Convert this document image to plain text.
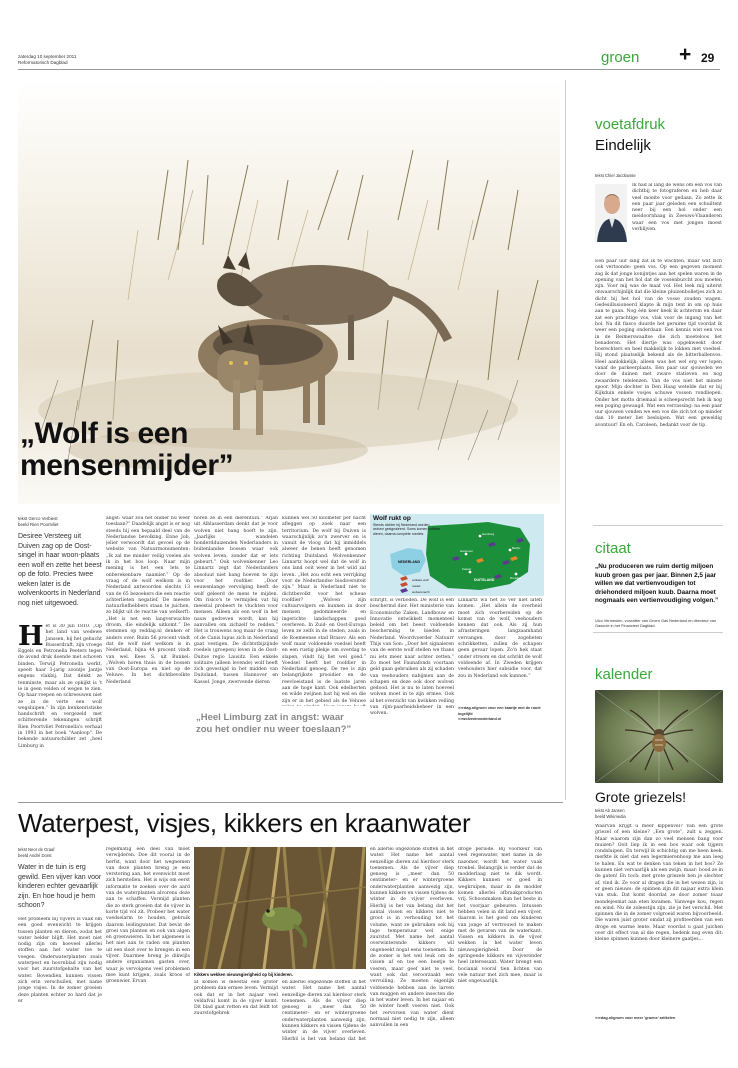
zaterdag 10 september 2011
Reformatorisch Dagblad	groen + 29
„Wolf is een
mensenmijder”
tekst Gerco Verbiest
beeld Rien Poortvliet
Desiree Versteeg uit Duiven zag op de Oost-singel in haar woon-plaats een wolf en zette het beest op de foto. Precies twee weken later is de wolvenkoorts in Nederland nog niet uitgewoed.
Het is 30 juli 1810. „Op het land van wedewe Janssen, bij het gehucht Busserdraft, zijn vroege Eggels en Petronella Peeters tegen de avond druk doende met schoven binden. Terwijl Petronella werkt, speelt haar 3-jarig zoontje Jantje engens vlakbij. Dat dénkt ze tenminste, maar als ze opkijkt is 't ie in geen velden of wegen te zien. Op haar roepen en schreeuwen niet ze in de verte een wolf wegsluipen.” In zijn kenkenristiske handschrift en vergezeld met schitterende tekeningen schrijft Rien Poortvliet Petronella's verhaal in 1993 in het boek "Aanloop". De bekende natuurschilder zet „heel Limburg in
angst: waar zou het ondier nu weer toeslaan?” Daadelijk angst is er nog steeds bij een bepaald deel van de Nederlandse bevolking. Enne Job, jelier verwoordt dat gevoel op de website van Natuurmonumenten: „Ik zal me minder veilig voelen als ik in het bos loop. Naar mijn mening is het een lets te onberekenbare naamier.” Op de vraag of de wolf welkom is in Nederland antwoorden slechts 13 van de 65 bezoekers die een reactie achterlieten negatief. De meeste natuurliefhebbers staan te juichen, zo blijkt uit de reactie van welkerft: „Het is net een langverwachte droom, die eindelijk uitkomt.” De stemmen op reddag.nl denken er anders over. Ruim 56 procent vindt dat de wolf niet welkom is in Nederland, bijna 44 procent vindt van wel. Kees S. uit Bunkel: „Wolven horen thuis in de bossen van Oost-Europa en niet op de Veluwe. In het dichtbevolkte Nederland
horen ze in een dierentuin.” Arjan uit Alblasserdam denkt dat je voor wolven niet bang hoeft te zijn. „Jaarlijks wandelen honderdduizenden Nederlanders in buitenlandse bossen waar ook wolven leven, zonder dat er iets gebeurt.” Ook wolvenkenner Leo Linnartz zegt dat Nederlanders absoluut niet bang hoeven te zijn voor het roofdier. „Door eeuwenlange vervolging heeft de wolf geleerd de mens te mijden. Om risico's te vermijden vat hij meestal probeert te vluchten voor mensen. Alleen als een wolf in het nauw gedreven wordt, kan hij aanvallen om zichzelf te redden.” Het is trouwens nog maar de vraag of de Canis lupus zich in Nederland gaat vestigen. De dichtstbijzijnde roedels (groepen) leven in de Oost-Duitse regio Lausitz. Een enkele solitaire (alleen levende) wolf heeft zich gevestigd in het midden van Duitsland, tussen Hannover en Kassel. Jonge, zwervende dieren
„Heel Limburg zat in angst: waar zou het ondier nu weer toeslaan?”
kunnen wel 50 kilometer per nacht afleggen op zoek naar een territorium. De wolf bij Duiven is waarschijnlijk zo'n zwerver en is vanuit de vloog dat hij inmiddels alweer de benen heeft genomen richting Duitsland. Wolvenkenner Linnartz hoopt wel dat de wolf in ons land ooit weer in het wild zal leven. „Het zou echt een verrijking voor de Nederlandse biodiversiteit zijn.” Maar is Nederland niet te dichtbevolkt voor het scheue roofdier? „Wolven zijn cultuurvolgers en kunnen in door mensen gedomineerde en ingerichte landschappen goed overleven. In Zuid- en Oost-Europa leven ze zelfs in de steden, zoals in de Roemeense stad Brasov. Als een wolf maar voldoende voedsel heeft en een rustig plekje om overdag te slapen, vindt hij het wel goed.” Voedsel heeft het roofdier in Nederland genoeg. De ree is zijn belangrijkste prooidier en de reevloeistand is de laatste jaren aan de hoge kant. Ook edelherten en wilde zwijnen lust hij wel en die zijn er in het gebied als de Veluwe
schrijft, is verboden. De wolf is een beschermd dier. Het ministerie van Economische Zaken, Landbouw en Innovatie ontwikkelt momenteel beleid om het beest voldoende bescherming te bieden in Nederland. Woordvoerder Natuurr Thijs van Son: „Door het signaleren van de eerste wolf stellen we thans nu iets meer naar achter zetten.” Zo moet het Faunafonds voortaan geld gaan gebruiken als zij schaden van veehouders nabijmen aan de schapen en deze ook door wolven gedood. Het is nu te laten hoeveel wolven moet in te zijn ermee. Ook al het overzicht van kwikken veiling van rijm-paarheidsbeheer in een wolven.
Linnartz wil het zo ver niet laten komen. „Het allein de overheid moet zich voorbereiden op de komst van de wolf, veehouders kennen dat ook. Als zij hun afrasteringen langzaamhand vervangen door zogeheten schrikketten, zullen de schapen geen gevaar lopen. Zo'n hek staat onder stroom en dat schrikt de wolf voldoende af. In Zweden krijgen veehouders hier subsidie voor, dat zou in Nederland ook kunnen.”
>>rdag.nl/groen voor een kaartje met de route ingelijfd
>>wolveninnederland.nl
Wolf rukt op
Steeds dichter bij Nederland worden wolven gesignaleerd. Soms komen solitaire dieren, daarna complete roedels.
NEDERLAND
DUITSLAND
Hamburg
Berlijn
Hannover
Kassel
Dresden
solitaire wolf
roedel
wolvenmerch
voetafdruk
Eindelijk
tekst Chiel Jacobusse
Ik had al lang de wens om een vos van dichtbij te fotograferen en heb daar veel moeite voor gedaan. Zo zette ik een paar jaar geleden een schuiltent neer bij een hol onder een meidoornhaag in Zeeuws-Vlaanderen waar een vos met jongen moest verblijven.
Een paar uur lang zat ik te wachten, maar wat zich ook vertoonde: geen vos. Op een gegeven moment zag ik dat jonge konijntjes aan het spelen waren in de opening van het hol dat de vossenburcht zou moeten zijn. Voor mij was de maat vol. Het leek mij uiterst onwaarschijnlijk dat die kleine pluizenbolletjes zich zo dicht bij het hol van de vosse zouden wagen. Gedesillusioneerd klapte ik mijn tent in om op huis aan te gaan. Nog één keer keek ik achterom en daar zat een prachtige vos, vlak voor de ingang van het hol. Na dit fiasco duurde het geruime tijd voordat ik weer een poging onderdaan. Een kennis wist een vos in de Reimerswaaltse die zich moeteloos liet benaderen. Het diertje was opgekweekt door bosrechters en heel makkelijk te lokken met voedsel. Hij stond plaatselijk bekend als de bitterballenvos. Heel aanlokkelijk; alleen was het wel erg ver lopen vanaf de parkeerplaats. Een paar uur sjouwden we door de duinen met zware statieven en nog zwaardere telelenzen. Van de vos niet het minste spoor. Mijn dochter in Den Haag wetelde dat er bij Kijkduin enkele vosjes schuwe vossen rondliepen. Onder het motto driemaal is scheepsrecht heb ik nog een poging gewaagd. Wat een verrassing: na een paar uur sjouwen vonden we een vos die zich tot op minder dan 10 meter liet besluipen. Wat een geweldig avontuur! En eh, Caroleen, bedankt voor de tip.
citaat
„Nu produceren we ruim dertig miljoen kuub groen gas per jaar. Binnen 2,5 jaar willen we dat vertienvoudigen tot driehonderd miljoen kuub. Daarna moet nogmaals een vertienvoudiging volgen.”
Ulco Vermeulen, voorzitter van Groen Gas Nederland en directeur van Gasunie in het Financieel Dagblad.
kalender
Grote griezels!
tekst Ab Jansen
beeld Wikimedia
Waarvan krijgt u meer kippenvel? Van een grote griezel of een kleine? „Een grote”, zult u zeggen. Maar waarom zijn dan zo veel mensen bang voor muizen? Ooit liep ik in een bos waar ook tijgers rondsluipen. En terwijl ik schichtig om me heen keek, merkte ik niet dat een legermierenhoop me aan leeg te halen. En wat te denken van teken in het bos? Ze kunnen niet vervaarlijk als een zwijn, maar: bood ze in de gaten! En toch: met grote griezels ben je slechter af, vind ik. Ze voor al dragen die in het wezen zijn, is er geen nieuws: de spinnen zijn dit najaar extra klein van stuk. Dat komt doordat ze door zomer toaar mondejesmat aan eten kwamen. Vanwege kou, regen en wind. Nu de zoleestijn zijn, zie je het verschil. Met spinnen die in de zomer volgroeid waren bijvoorbeeld. Die waren juist groter omdat zij profiteerden van een droge en warme lente. Maar voordat u gaat juichen over dit effect van al die regen, bedenk nog even dit: kleine spinnen kunnen door kleinere gaatjes...
>>rdag.nl/groen voor meer 'groene' artikelen
Waterpest, visjes, kikkers en kraanwater
tekst Neor de Graaf
beeld André Dorst
Water in de tuin is erg gewild. Een vijver kan voor kinderen echter gevaarlijk zijn. En hoe houd je hem schoon?
Het probleem bij vijvers is vaak om een goed evenwicht te krijgen tussen planten en dieren, zodat het water helder blijft. Het moet niet nodig zijn om hoeveel allerlei stoffen aan het water toe te voegen. Onderwaterplanten zoals waterpest en hoornblad zijn nodig voor het zuurstofgehalte van het water. Bovendien kunnen vissen zich erin verschuilen, met name jonge visjes. In de zomer groeien deze planten echter zo hard dat je er
regelmatig een deel van moet verwijderen. Doe dit vooral in de herfst, want door het wegnemen van deze planten breng je een verstoring aan, het evenwicht moet zich herstellen. Het is wijs om eerst informatie te zoeken over de aard van de waterplanten alvorens deze aan te schaffen. Vermijd planten die zo sterk groeien dat de vijver in korte tijd vol zit. Probeer het water voedselarm te houden, gebruik daarom leidingwater. Dat bevat de groei van planten en ook van algen en groenwieren. In het algemeen is het niet aan te raden om planten uit een sloot over te brengen in een vijver. Daarmee breng je dikwijls andere organismen gasten over, waar je vervolgens veel problemen mee kunt krijgen, zoals kroos of groenwier. Ervan
Kikkers wekken nieuwsgierigheid op bij kinderen.
af komen is meestal een groter probleem dan ermee leven. Vermijd ook dat er in het najaar veel veldafval komt in de vijver komt. Dit blad gaat rotten en dat leidt tot zuurstofgebrek
en allerlei ongezonde stoffen in het water. Het name het aantal eenzellige dieren zal hierdoor sterk toenemen. Als de vijver diep genoeg is „meer dan 50 centimeter– en er wintergroene onderwaterplanten aanwezig zijn, kunnen kikkers en vissen tijdens de winter in de vijver overleven. Hierbij is het van belang dat het
en allerlei ongezonde stoffen in het water. Het name het aantal eenzellige dieren zal hierdoor sterk toenemen. Als de vijver diep genoeg is „meer dan 50 centimeter– en er wintergroene onderwaterplanten aanwezig zijn, kunnen kikkers en vissen tijdens de winter in de vijver overleven. Hierbij is het van belang dat het aantal vissen en kikkers niet te groot is in verhouding tot het volume, want ze gebruiken ook bij lage temperatuur wel enige zuurstof. Met name het aantal overwinterende kikkers wil ongeneekt nogal eens toenemen. In de zomer is het wel leuk om de vissen af en toe een beetje te voeren, maar geef niet te veel, want ook dat veroorzaakt een vervuiling. Ze moeten eigenlijk voldoende hebben aan de larven van muggen en andere insecten die in het water leven. In het najaar en de winter hoeft voeren niet. Ook het vervorsen van water dient normaal niet nodig te zijn, alleen aanvullen in een
droge periode. Bij voorkeur van veel regenwater, met name in de nazomer, wordt het water vaak troebel. Belangrijk is verder dat de modderlaag niet te dik wordt. Kikkers kunnen er goed in wegkruipen, maar in de modder komen allerlei afbraakproducten vrij. Schoonmaken kun het beste in het voorjaar gebeuren. Intussen hebben velen in dit land een vijver, daarom is het goed om kinderen van jonge af vertrouwd te maken met de gevaren van de waterkant. Vissen en kikkers in de vijver wekken in het water leven nieuwsgierigheid. Door de springende kikkers en vijveronder heel interessant. Water brengt een bocianal vooral tien lichten van vele natuur met zich mee, maar is niet ongevaarlijk.
